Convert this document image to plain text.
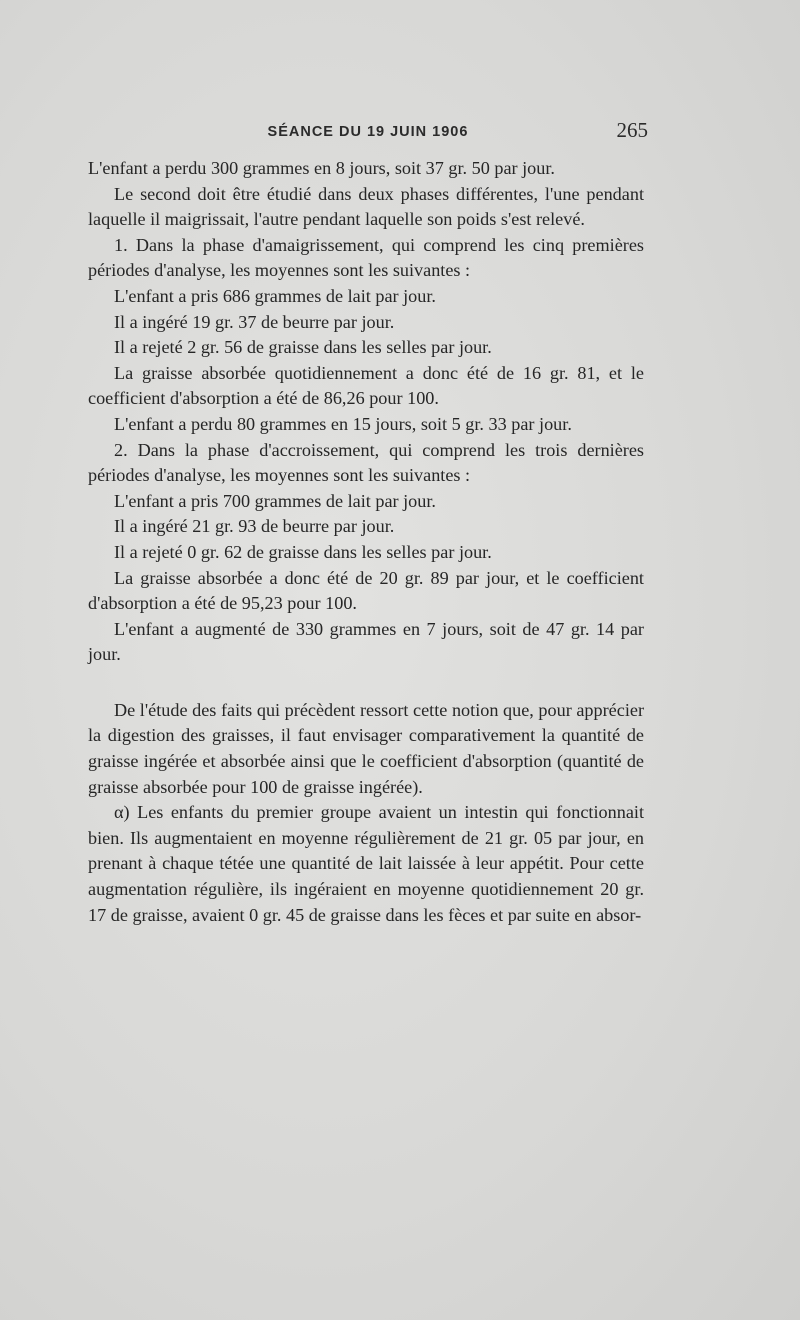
SÉANCE DU 19 JUIN 1906	265

L'enfant a perdu 300 grammes en 8 jours, soit 37 gr. 50 par jour.

Le second doit être étudié dans deux phases différentes, l'une pendant laquelle il maigrissait, l'autre pendant laquelle son poids s'est relevé.

1. Dans la phase d'amaigrissement, qui comprend les cinq premières périodes d'analyse, les moyennes sont les suivantes :

L'enfant a pris 686 grammes de lait par jour.

Il a ingéré 19 gr. 37 de beurre par jour.

Il a rejeté 2 gr. 56 de graisse dans les selles par jour.

La graisse absorbée quotidiennement a donc été de 16 gr. 81, et le coefficient d'absorption a été de 86,26 pour 100.

L'enfant a perdu 80 grammes en 15 jours, soit 5 gr. 33 par jour.

2. Dans la phase d'accroissement, qui comprend les trois dernières périodes d'analyse, les moyennes sont les suivantes :

L'enfant a pris 700 grammes de lait par jour.

Il a ingéré 21 gr. 93 de beurre par jour.

Il a rejeté 0 gr. 62 de graisse dans les selles par jour.

La graisse absorbée a donc été de 20 gr. 89 par jour, et le coefficient d'absorption a été de 95,23 pour 100.

L'enfant a augmenté de 330 grammes en 7 jours, soit de 47 gr. 14 par jour.

De l'étude des faits qui précèdent ressort cette notion que, pour apprécier la digestion des graisses, il faut envisager comparativement la quantité de graisse ingérée et absorbée ainsi que le coefficient d'absorption (quantité de graisse absorbée pour 100 de graisse ingérée).

α) Les enfants du premier groupe avaient un intestin qui fonctionnait bien. Ils augmentaient en moyenne régulièrement de 21 gr. 05 par jour, en prenant à chaque tétée une quantité de lait laissée à leur appétit. Pour cette augmentation régulière, ils ingéraient en moyenne quotidiennement 20 gr. 17 de graisse, avaient 0 gr. 45 de graisse dans les fèces et par suite en absor-
